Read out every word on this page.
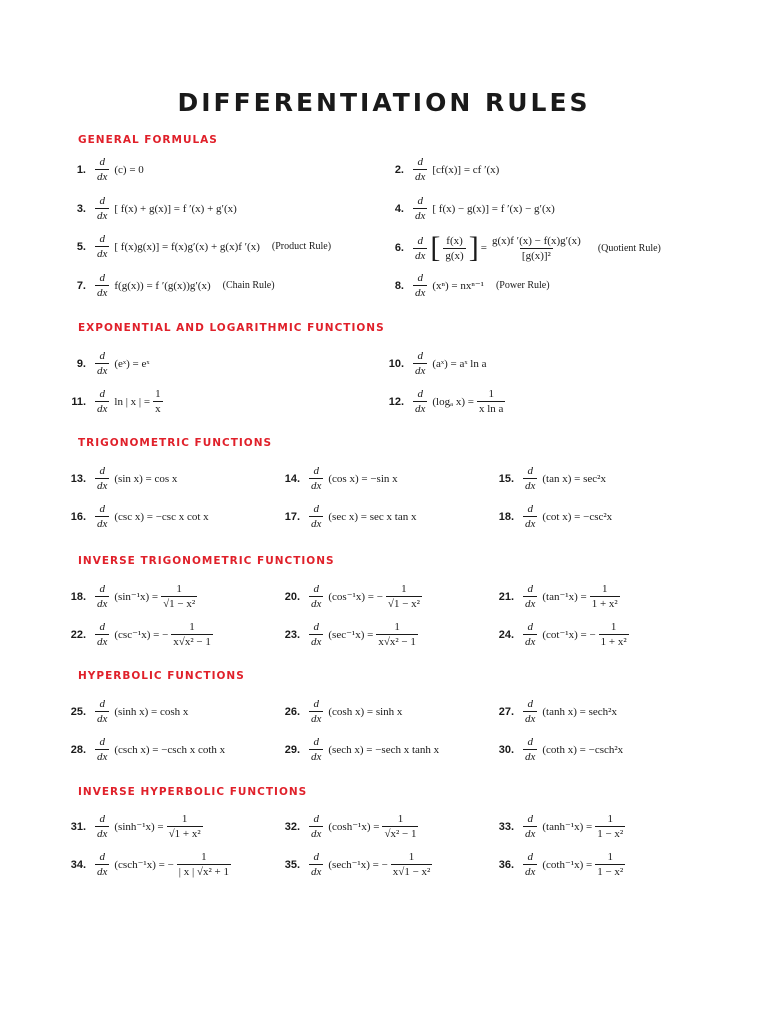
DIFFERENTIATION RULES
GENERAL FORMULAS
EXPONENTIAL AND LOGARITHMIC FUNCTIONS
TRIGONOMETRIC FUNCTIONS
INVERSE TRIGONOMETRIC FUNCTIONS
HYPERBOLIC FUNCTIONS
INVERSE HYPERBOLIC FUNCTIONS
1. $\frac{d}{dx} (c) = 0$	2. $\frac{d}{dx} [cf(x)]$ = cf ′(x)
3. $\frac{d}{dx}$ [ f(x) + g(x)] = f ′(x) + g′(x)	4. $\frac{d}{dx}$ [ f(x) − g(x)] = f ′(x) − g′(x)
5. $\frac{d}{dx}$ [ f(x)g(x)] = f(x)g′(x) + g(x)f ′(x) (Product Rule)	6. $\frac{d}{dx}$ [ $\frac{f(x)}{g(x)}$ ] = $\frac{g(x)f '(x) - f(x)g'(x)}{\text{[g(x)]²}}$ (Quotient Rule)
7. $\frac{d}{dx} f(g(x)) = f$ ′(g(x))g′(x) (Chain Rule)	8. $\frac{d}{dx} (x^n) = nx^{n-1}$ (Power Rule)
9. $\frac{d}{dx}$ (eˣ) = eˣ	10. $\frac{d}{dx}$ (aˣ) = aˣ ln a
11. $\frac{d}{dx}$ ln | x | = $\frac{1}{x}$	12. $\frac{d}{dx} (\log_a$ $x) = \frac{1}{\text{x ln a}}$
13. $\frac{d}{dx} (\sin$ x) = cos x	14. $\frac{d}{dx} (\cos$ x) = −sin x	15. $\frac{d}{dx} (\tan$ x) = sec²x
16. $\frac{d}{dx} (\csc$ x) = −csc x cot x	17. $\frac{d}{dx} (\sec$ x) = sec x tan x	18. $\frac{d}{dx} (\cot$ x) = −csc²x
18. $\frac{d}{dx} (\sin^{-1}x) = \frac{1}{\text{√1 − x²}}$	20. $\frac{d}{dx} (\cos^{-1}x)$ = − $\frac{1}{\text{√1 − x²}}$	21. $\frac{d}{dx} (\tan^{-1}x) = \frac{1}{\text{1 + x²}}$
22. $\frac{d}{dx} (\csc^{-1}x)$ = − $\frac{1}{\text{x√x² − 1}}$	23. $\frac{d}{dx} (\sec^{-1}x) = \frac{1}{\text{x√x² − 1}}$	24. $\frac{d}{dx} (\cot^{-1}x)$ = − $\frac{1}{\text{1 + x²}}$
25. $\frac{d}{dx} (\sinh$ x) = cosh x	26. $\frac{d}{dx} (\cosh$ x) = sinh x	27. $\frac{d}{dx} (\tanh$ x) = sech²x
28. $\frac{d}{dx} (\csc h$ x) = −csch x coth x	29. $\frac{d}{dx} (\sec h$ x) = −sech x tanh x	30. $\frac{d}{dx} (\cot h$ x) = −csch²x
31. $\frac{d}{dx} (\sinh^{-1}x) = \frac{1}{\text{√1 + x²}}$	32. $\frac{d}{dx} (\cosh^{-1}x) = \frac{1}{\text{√x² − 1}}$	33. $\frac{d}{dx} (\tanh^{-1}x) = \frac{1}{\text{1 − x²}}$
34. $\frac{d}{dx} (\csc h^{-1}x)$ = − $\frac{1}{\text{| x | √x² + 1}}$	35. $\frac{d}{dx} (\sec h^{-1}x)$ = − $\frac{1}{\text{x√1 − x²}}$	36. $\frac{d}{dx} (\cot h^{-1}x) = \frac{1}{\text{1 − x²}}$
